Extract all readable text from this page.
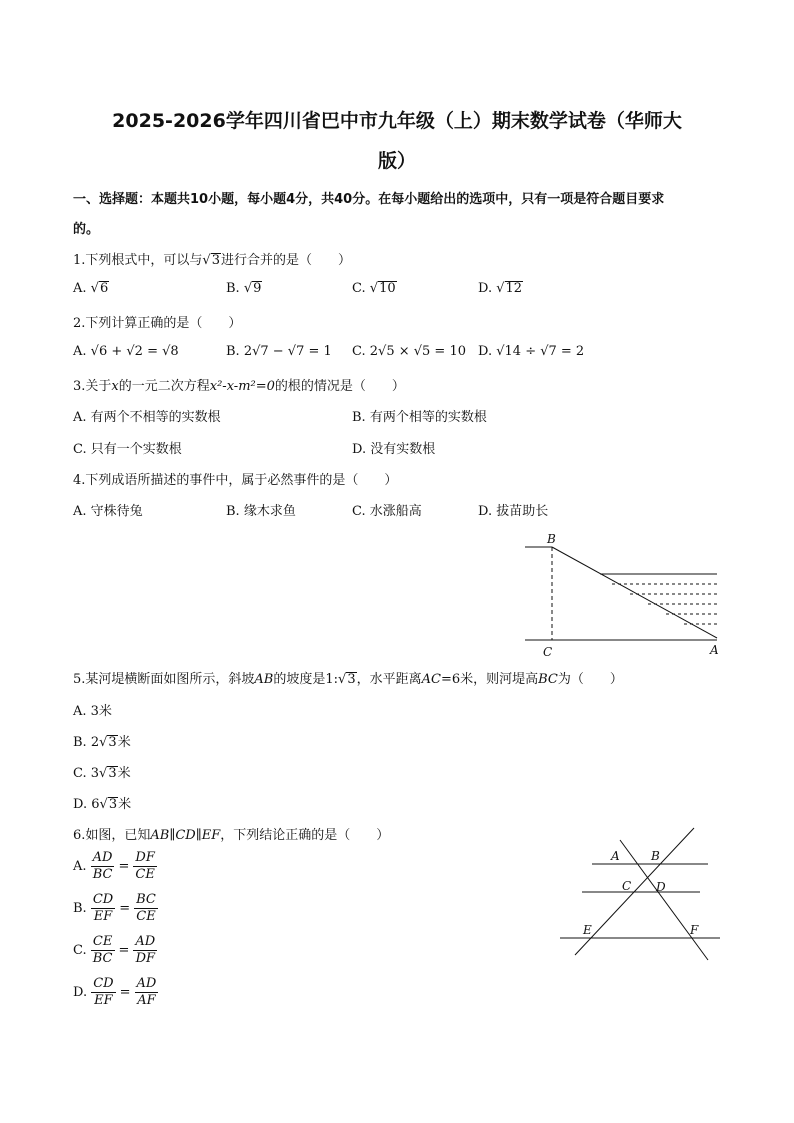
2025-2026学年四川省巴中市九年级（上）期末数学试卷（华师大
版）
一、选择题：本题共10小题，每小题4分，共40分。在每小题给出的选项中，只有一项是符合题目要求
的。
1.下列根式中，可以与√3进行合并的是（　　）
A. √6	B. √9	C. √10	D. √12
2.下列计算正确的是（　　）
A. √6 + √2 = √8	B. 2√7 − √7 = 1 C. 2√5 × √5 = 10 D. √14 ÷ √7 = 2
3.关于x的一元二次方程x²-x-m²=0的根的情况是（　　）
A. 有两个不相等的实数根	B. 有两个相等的实数根
C. 只有一个实数根	D. 没有实数根
4.下列成语所描述的事件中，属于必然事件的是（　　）
A. 守株待兔	B. 缘木求鱼	C. 水涨船高	D. 拔苗助长
B
C	A
5.某河堤横断面如图所示，斜坡AB的坡度是1:√3，水平距离AC=6米，则河堤高BC为（　　）
A. 3米
B. 2√3米
C. 3√3米
D. 6√3米
6.如图，已知AB∥CD∥EF，下列结论正确的是（　　）
A. $\frac{AD}{BC} = \frac{DF}{CE}$
B. $\frac{CD}{EF} = \frac{BC}{CE}$
C. $\frac{CE}{BC} = \frac{AD}{DF}$
D. $\frac{CD}{EF} = \frac{AD}{AF}$
A	B
C D
E	F
